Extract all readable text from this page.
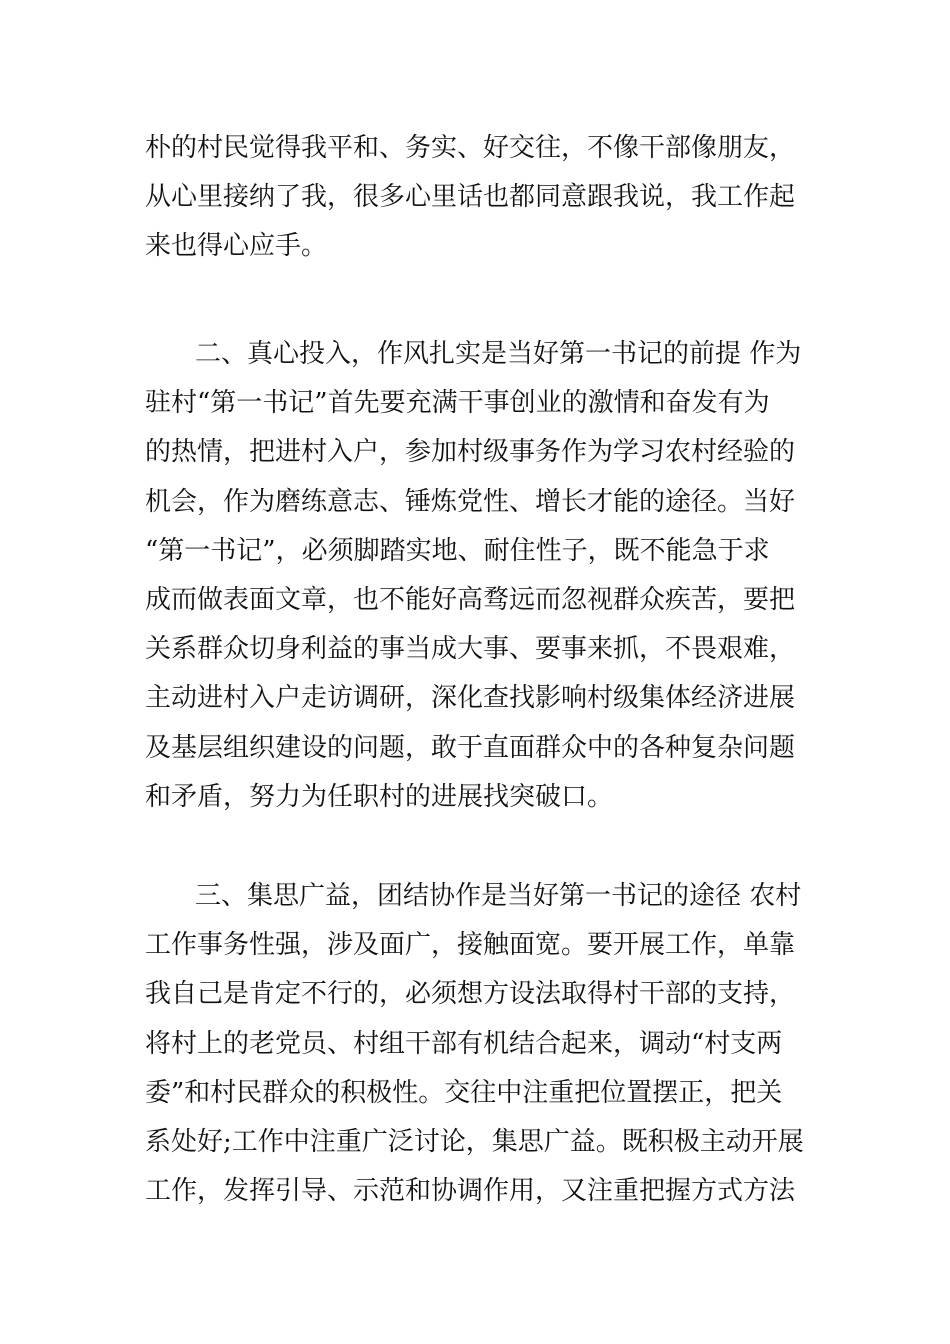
朴的村民觉得我平和、务实、好交往，不像干部像朋友，
从心里接纳了我，很多心里话也都同意跟我说，我工作起
来也得心应手。
二、真心投入，作风扎实是当好第一书记的前提 作为
驻村“第一书记”首先要充满干事创业的激情和奋发有为
的热情，把进村入户，参加村级事务作为学习农村经验的
机会，作为磨练意志、锤炼党性、增长才能的途径。当好
“第一书记”，必须脚踏实地、耐住性子，既不能急于求
成而做表面文章，也不能好高骛远而忽视群众疾苦，要把
关系群众切身利益的事当成大事、要事来抓，不畏艰难，
主动进村入户走访调研，深化查找影响村级集体经济进展
及基层组织建设的问题，敢于直面群众中的各种复杂问题
和矛盾，努力为任职村的进展找突破口。
三、集思广益，团结协作是当好第一书记的途径 农村
工作事务性强，涉及面广，接触面宽。要开展工作，单靠
我自己是肯定不行的，必须想方设法取得村干部的支持，
将村上的老党员、村组干部有机结合起来，调动“村支两
委”和村民群众的积极性。交往中注重把位置摆正，把关
系处好;工作中注重广泛讨论，集思广益。既积极主动开展
工作，发挥引导、示范和协调作用，又注重把握方式方法
